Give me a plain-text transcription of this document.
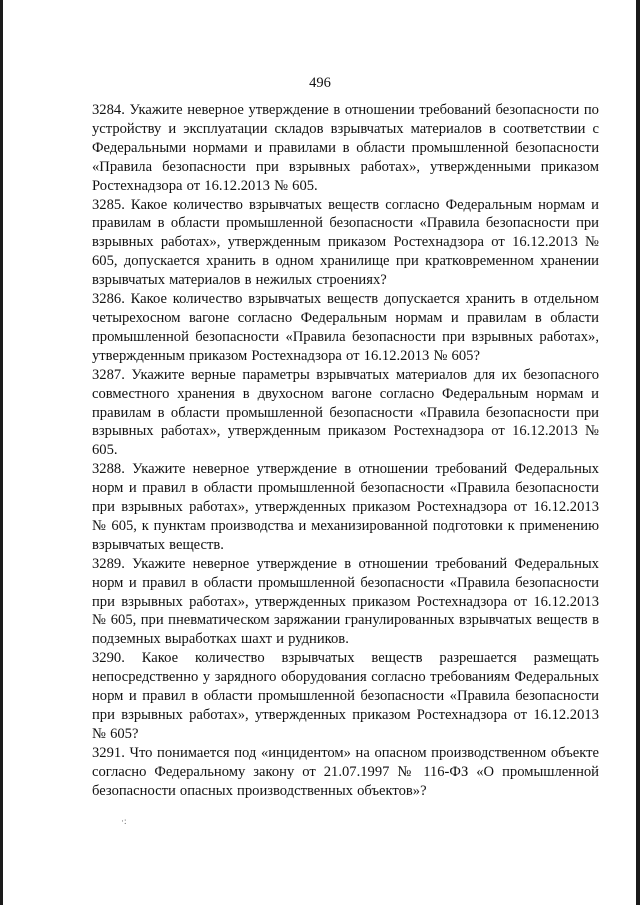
496

3284. Укажите неверное утверждение в отношении требований безопасности по устройству и эксплуатации складов взрывчатых материалов в соответствии с Федеральными нормами и правилами в области промышленной безопасности «Правила безопасности при взрывных работах», утвержденными приказом Ростехнадзора от 16.12.2013 № 605.

3285. Какое количество взрывчатых веществ согласно Федеральным нормам и правилам в области промышленной безопасности «Правила безопасности при взрывных работах», утвержденным приказом Ростехнадзора от 16.12.2013 № 605, допускается хранить в одном хранилище при кратковременном хранении взрывчатых материалов в нежилых строениях?

3286. Какое количество взрывчатых веществ допускается хранить в отдельном четырехосном вагоне согласно Федеральным нормам и правилам в области промышленной безопасности «Правила безопасности при взрывных работах», утвержденным приказом Ростехнадзора от 16.12.2013 № 605?

3287. Укажите верные параметры взрывчатых материалов для их безопасного совместного хранения в двухосном вагоне согласно Федеральным нормам и правилам в области промышленной безопасности «Правила безопасности при взрывных работах», утвержденным приказом Ростехнадзора от 16.12.2013 № 605.

3288. Укажите неверное утверждение в отношении требований Федеральных норм и правил в области промышленной безопасности «Правила безопасности при взрывных работах», утвержденных приказом Ростехнадзора от 16.12.2013 № 605, к пунктам производства и механизированной подготовки к применению взрывчатых веществ.

3289. Укажите неверное утверждение в отношении требований Федеральных норм и правил в области промышленной безопасности «Правила безопасности при взрывных работах», утвержденных приказом Ростехнадзора от 16.12.2013 № 605, при пневматическом заряжании гранулированных взрывчатых веществ в подземных выработках шахт и рудников.

3290. Какое количество взрывчатых веществ разрешается размещать непосредственно у зарядного оборудования согласно требованиям Федеральных норм и правил в области промышленной безопасности «Правила безопасности при взрывных работах», утвержденных приказом Ростехнадзора от 16.12.2013 № 605?

3291. Что понимается под «инцидентом» на опасном производственном объекте согласно Федеральному закону от 21.07.1997 № 116-ФЗ «О промышленной безопасности опасных производственных объектов»?

·:
